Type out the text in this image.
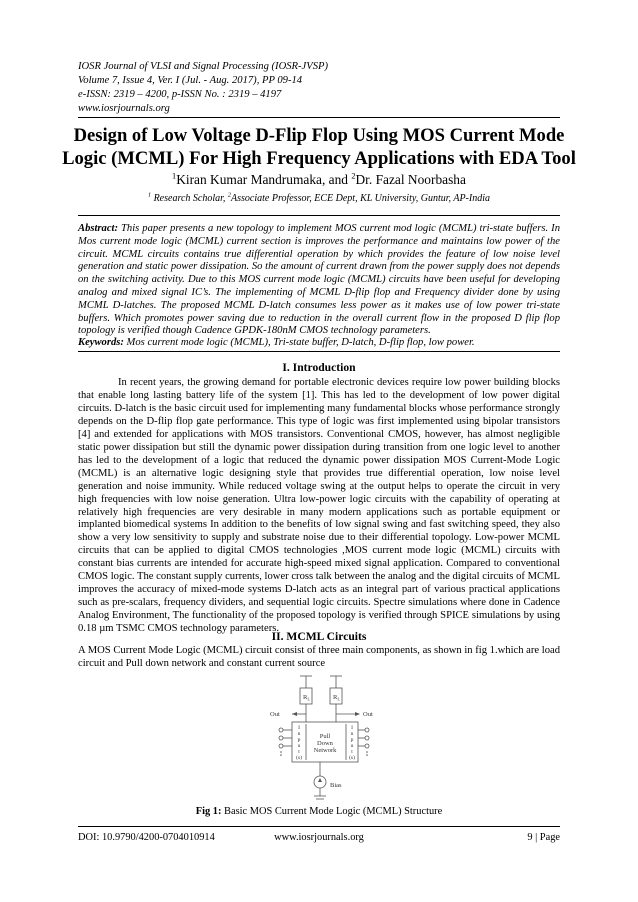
IOSR Journal of VLSI and Signal Processing (IOSR-JVSP)
Volume 7, Issue 4, Ver. I (Jul. - Aug. 2017), PP 09-14
e-ISSN: 2319 – 4200, p-ISSN No. : 2319 – 4197
www.iosrjournals.org
Design of Low Voltage D-Flip Flop Using MOS Current Mode Logic (MCML) For High Frequency Applications with EDA Tool
$^1$Kiran Kumar Mandrumaka, and $^2$Dr. Fazal Noorbasha
$^1$ Research Scholar, $^2$Associate Professor, ECE Dept, KL University, Guntur, AP-India
Abstract: This paper presents a new topology to implement MOS current mod logic (MCML) tri-state buffers. In Mos current mode logic (MCML) current section is improves the performance and maintains low power of the circuit. MCML circuits contains true differential operation by which provides the feature of low noise level generation and static power dissipation. So the amount of current drawn from the power supply does not depends on the switching activity. Due to this MOS current mode logic (MCML) circuits have been useful for developing analog and mixed signal IC’s. The implementing of MCML D-flip flop and Frequency divider done by using MCML D-latches. The proposed MCML D-latch consumes less power as it makes use of low power tri-state buffers. Which promotes power saving due to reduction in the overall current flow in the proposed D flip flop topology is verified though Cadence GPDK-180nM CMOS technology parameters.
Keywords: Mos current mode logic (MCML), Tri-state buffer, D-latch, D-flip flop, low power.
I. Introduction
In recent years, the growing demand for portable electronic devices require low power building blocks that enable long lasting battery life of the system [1]. This has led to the development of low power digital circuits. D-latch is the basic circuit used for implementing many fundamental blocks whose performance strongly depends on the D-flip flop gate performance. This type of logic was first implemented using bipolar transistors [4] and extended for applications with MOS transistors. Conventional CMOS, however, has almost negligible static power dissipation but still the dynamic power dissipation during transition from one logic level to another has led to the development of a logic that reduced the dynamic power dissipation MOS Current-Mode Logic (MCML) is an alternative logic designing style that provides true differential operation, low noise level generation and noise immunity. While reduced voltage swing at the output helps to operate the circuit in very high frequencies with low noise generation. Ultra low-power logic circuits with the capability of operating at relatively high frequencies are very desirable in many modern applications such as portable equipment or implanted biomedical systems In addition to the benefits of low signal swing and fast switching speed, they also show a very low sensitivity to supply and substrate noise due to their differential topology. Low-power MCML circuits that can be applied to digital CMOS technologies ,MOS current mode logic (MCML) circuits with constant bias currents are intended for accurate high-speed mixed signal application. Compared to conventional CMOS logic. The constant supply currents, lower cross talk between the analog and the digital circuits of MCML improves the accuracy of mixed-mode systems D-latch acts as an integral part of various practical applications such as pre-scalars, frequency dividers, and sequential logic circuits. Spectre simulations where done in Cadence Analog Environment, The functionality of the proposed topology is verified through SPICE simulations by using 0.18 µm TSMC CMOS technology parameters.
II. MCML Circuits
A MOS Current Mode Logic (MCML) circuit consist of three main components, as shown in fig 1.which are load circuit and Pull down network and constant current source
$R_L$	$R_L$
Out	Out
Pull
Down
Network
Bias
I
n
p
u
t
(s)
I
n
p
u
t
(s)
Fig 1: Basic MOS Current Mode Logic (MCML) Structure
DOI: 10.9790/4200-0704010914	www.iosrjournals.org	9 | Page
